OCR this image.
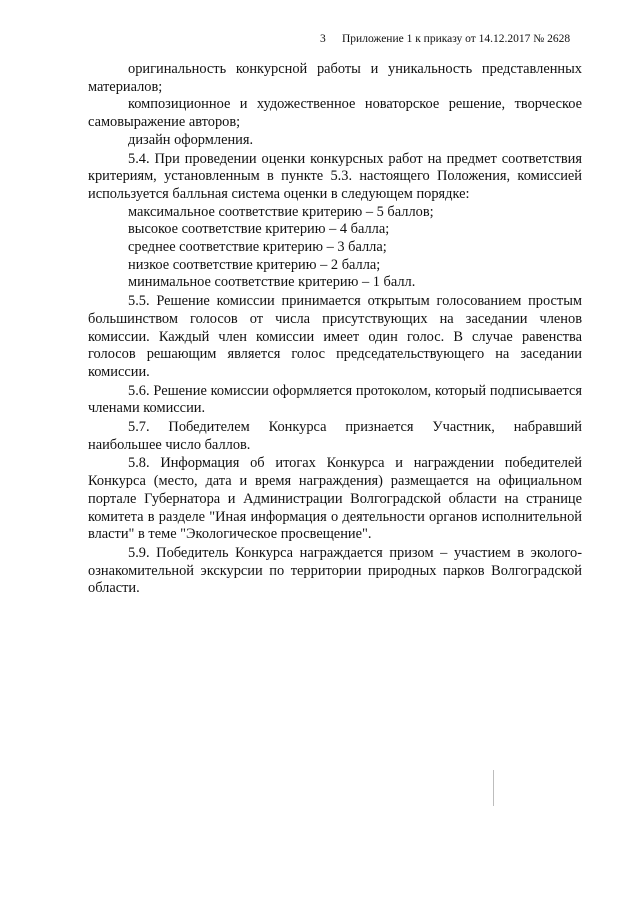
3 Приложение 1 к приказу от 14.12.2017 № 2628

оригинальность конкурсной работы и уникальность представленных материалов;

композиционное и художественное новаторское решение, творческое самовыражение авторов;

дизайн оформления.

5.4. При проведении оценки конкурсных работ на предмет соответствия критериям, установленным в пункте 5.3. настоящего Положения, комиссией используется балльная система оценки в следующем порядке:

максимальное соответствие критерию – 5 баллов;

высокое соответствие критерию – 4 балла;

среднее соответствие критерию – 3 балла;

низкое соответствие критерию – 2 балла;

минимальное соответствие критерию – 1 балл.

5.5. Решение комиссии принимается открытым голосованием простым большинством голосов от числа присутствующих на заседании членов комиссии. Каждый член комиссии имеет один голос. В случае равенства голосов решающим является голос председательствующего на заседании комиссии.

5.6. Решение комиссии оформляется протоколом, который подписывается членами комиссии.

5.7. Победителем Конкурса признается Участник, набравший наибольшее число баллов.

5.8. Информация об итогах Конкурса и награждении победителей Конкурса (место, дата и время награждения) размещается на официальном портале Губернатора и Администрации Волгоградской области на странице комитета в разделе "Иная информация о деятельности органов исполнительной власти" в теме "Экологическое просвещение".

5.9. Победитель Конкурса награждается призом – участием в эколого-ознакомительной экскурсии по территории природных парков Волгоградской области.
